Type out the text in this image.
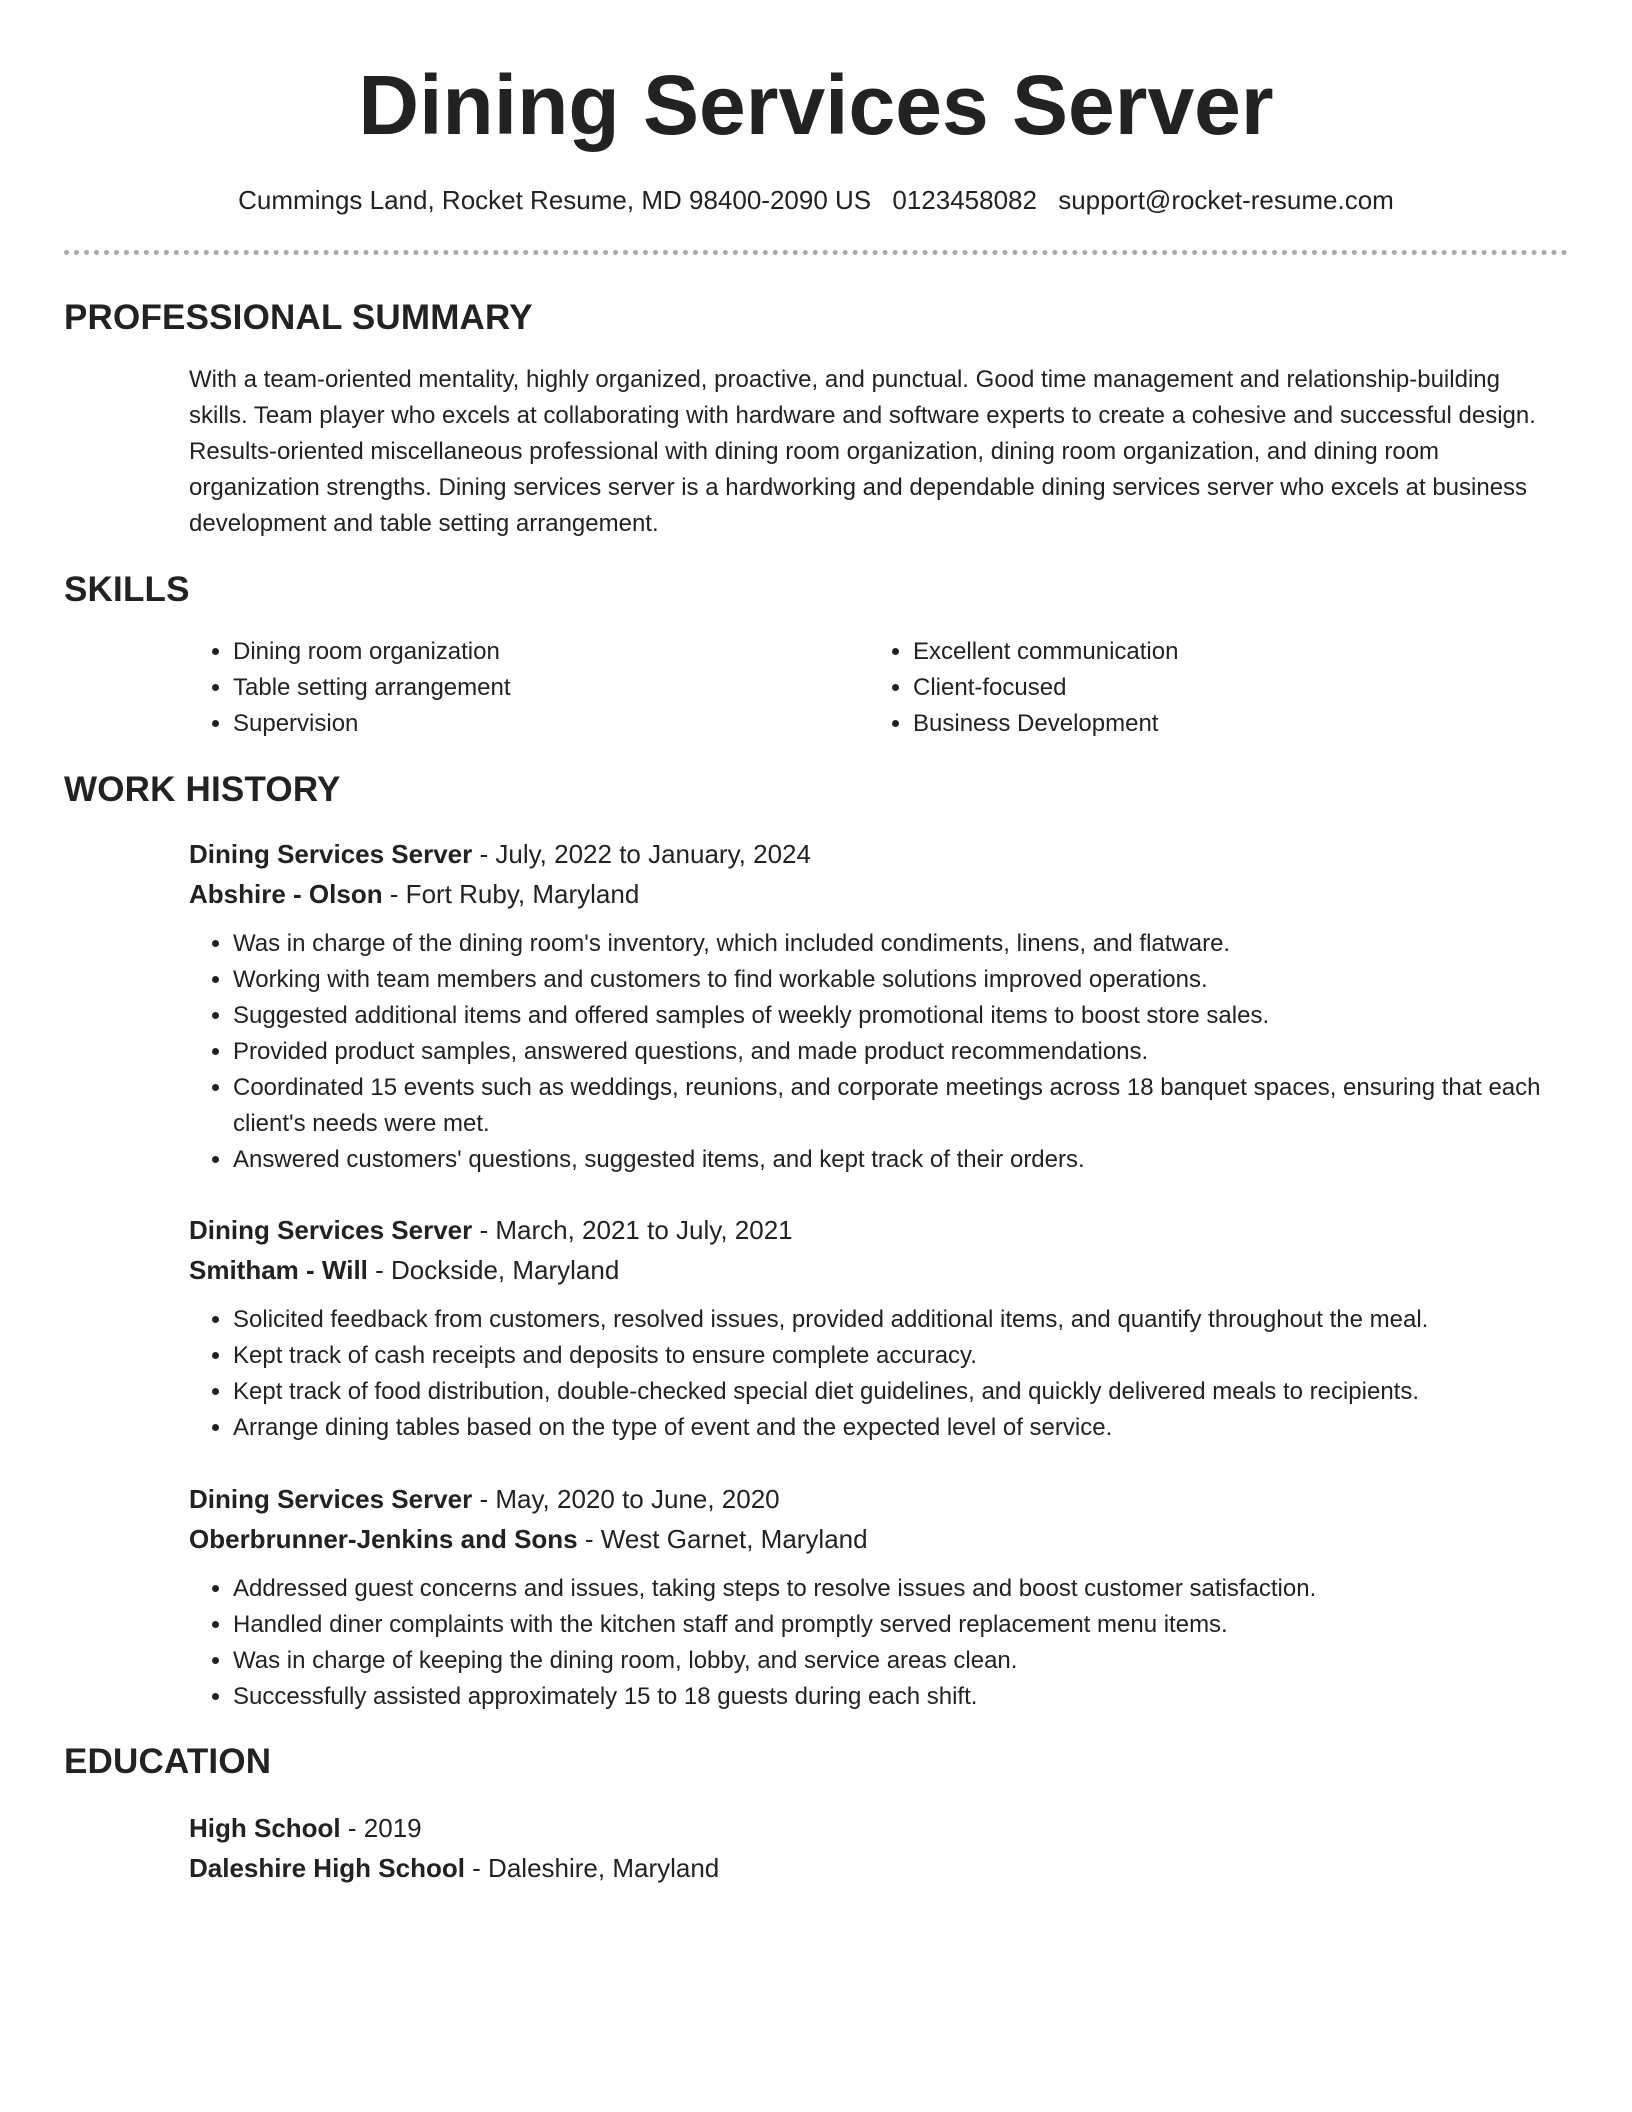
Dining Services Server
Cummings Land, Rocket Resume, MD 98400-2090 US 0123458082 support@rocket-resume.com
PROFESSIONAL SUMMARY

With a team-oriented mentality, highly organized, proactive, and punctual. Good time management and relationship-building skills. Team player who excels at collaborating with hardware and software experts to create a cohesive and successful design. Results-oriented miscellaneous professional with dining room organization, dining room organization, and dining room organization strengths. Dining services server is a hardworking and dependable dining services server who excels at business development and table setting arrangement.

SKILLS
• Dining room organization
• Table setting arrangement
• Supervision
• Excellent communication
• Client-focused
• Business Development
WORK HISTORY
Dining Services Server - July, 2022 to January, 2024
Abshire - Olson - Fort Ruby, Maryland
• Was in charge of the dining room's inventory, which included condiments, linens, and flatware.
• Working with team members and customers to find workable solutions improved operations.
• Suggested additional items and offered samples of weekly promotional items to boost store sales.
• Provided product samples, answered questions, and made product recommendations.
• Coordinated 15 events such as weddings, reunions, and corporate meetings across 18 banquet spaces, ensuring that each client's needs were met.
• Answered customers' questions, suggested items, and kept track of their orders.
Dining Services Server - March, 2021 to July, 2021
Smitham - Will - Dockside, Maryland
• Solicited feedback from customers, resolved issues, provided additional items, and quantify throughout the meal.
• Kept track of cash receipts and deposits to ensure complete accuracy.
• Kept track of food distribution, double-checked special diet guidelines, and quickly delivered meals to recipients.
• Arrange dining tables based on the type of event and the expected level of service.
Dining Services Server - May, 2020 to June, 2020
Oberbrunner-Jenkins and Sons - West Garnet, Maryland
• Addressed guest concerns and issues, taking steps to resolve issues and boost customer satisfaction.
• Handled diner complaints with the kitchen staff and promptly served replacement menu items.
• Was in charge of keeping the dining room, lobby, and service areas clean.
• Successfully assisted approximately 15 to 18 guests during each shift.
EDUCATION
High School - 2019
Daleshire High School - Daleshire, Maryland
